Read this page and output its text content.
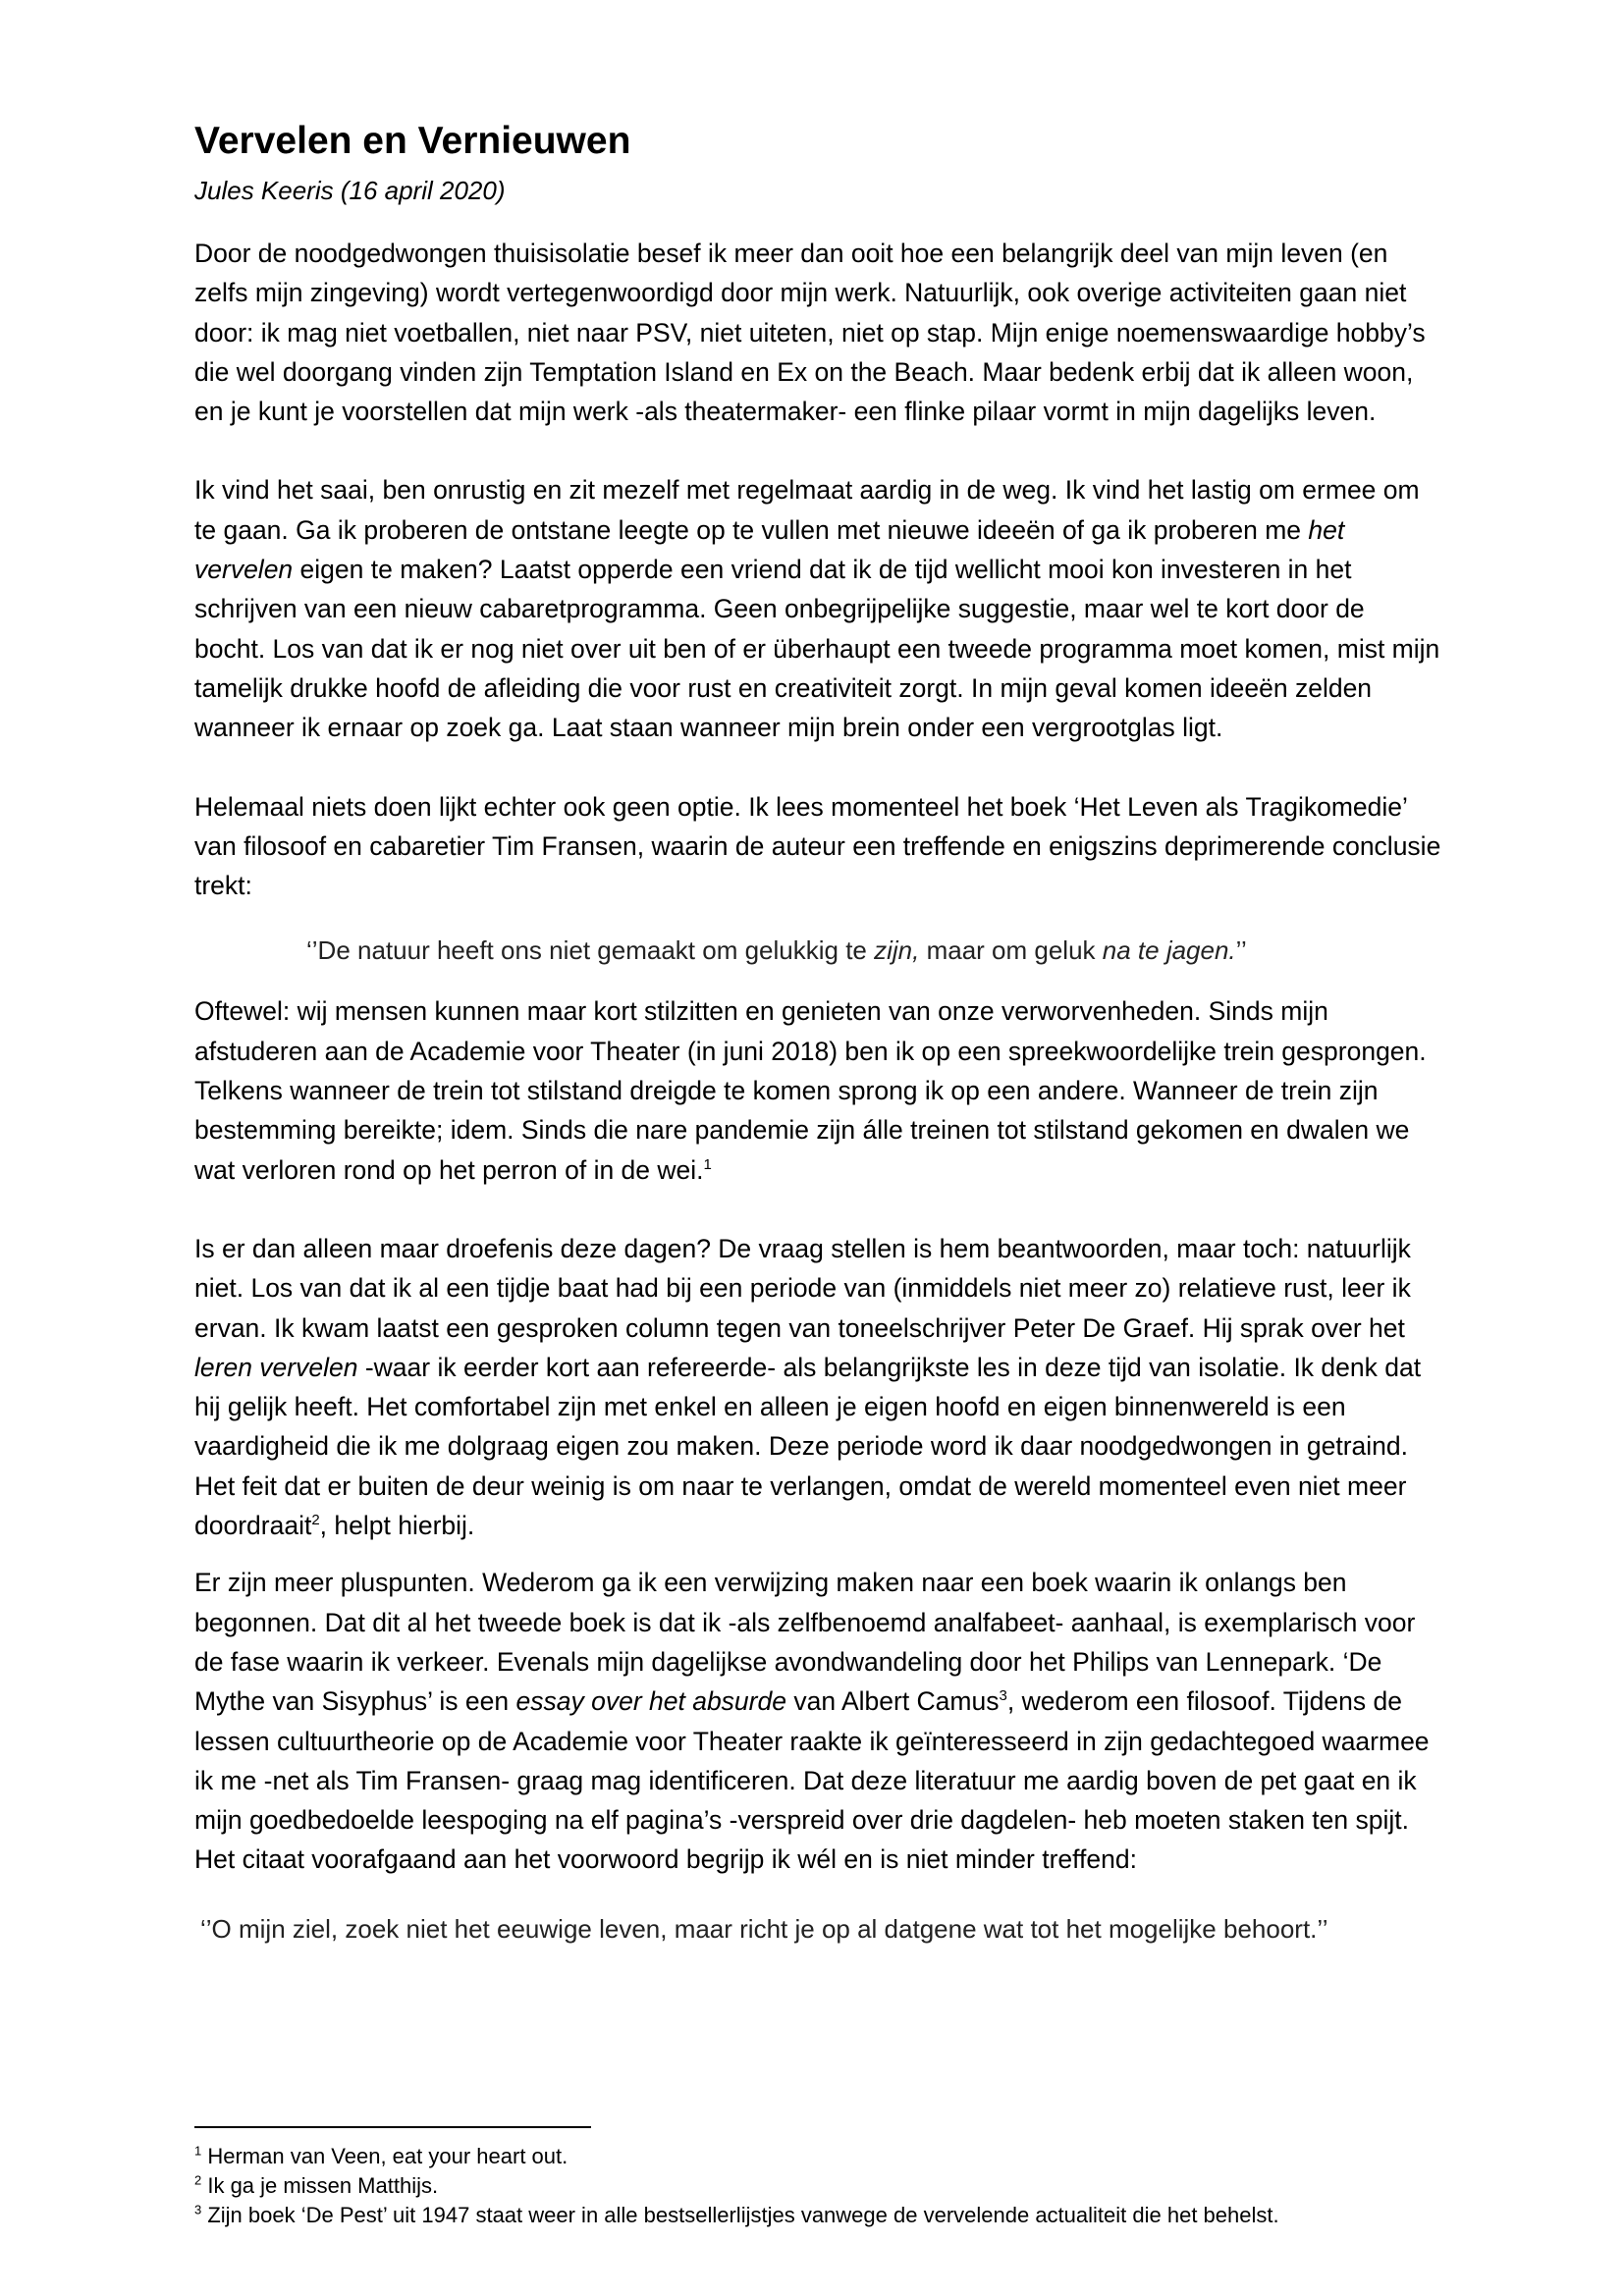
Vervelen en Vernieuwen

Jules Keeris (16 april 2020)

Door de noodgedwongen thuisisolatie besef ik meer dan ooit hoe een belangrijk deel van mijn leven (en zelfs mijn zingeving) wordt vertegenwoordigd door mijn werk. Natuurlijk, ook overige activiteiten gaan niet door: ik mag niet voetballen, niet naar PSV, niet uiteten, niet op stap. Mijn enige noemenswaardige hobby’s die wel doorgang vinden zijn Temptation Island en Ex on the Beach. Maar bedenk erbij dat ik alleen woon, en je kunt je voorstellen dat mijn werk -als theatermaker- een flinke pilaar vormt in mijn dagelijks leven.

Ik vind het saai, ben onrustig en zit mezelf met regelmaat aardig in de weg. Ik vind het lastig om ermee om te gaan. Ga ik proberen de ontstane leegte op te vullen met nieuwe ideeën of ga ik proberen me het vervelen eigen te maken? Laatst opperde een vriend dat ik de tijd wellicht mooi kon investeren in het schrijven van een nieuw cabaretprogramma. Geen onbegrijpelijke suggestie, maar wel te kort door de bocht. Los van dat ik er nog niet over uit ben of er überhaupt een tweede programma moet komen, mist mijn tamelijk drukke hoofd de afleiding die voor rust en creativiteit zorgt. In mijn geval komen ideeën zelden wanneer ik ernaar op zoek ga. Laat staan wanneer mijn brein onder een vergrootglas ligt.

Helemaal niets doen lijkt echter ook geen optie. Ik lees momenteel het boek ‘Het Leven als Tragikomedie’ van filosoof en cabaretier Tim Fransen, waarin de auteur een treffende en enigszins deprimerende conclusie trekt:

‘’De natuur heeft ons niet gemaakt om gelukkig te zijn, maar om geluk na te jagen.’’

Oftewel: wij mensen kunnen maar kort stilzitten en genieten van onze verworvenheden. Sinds mijn afstuderen aan de Academie voor Theater (in juni 2018) ben ik op een spreekwoordelijke trein gesprongen. Telkens wanneer de trein tot stilstand dreigde te komen sprong ik op een andere. Wanneer de trein zijn bestemming bereikte; idem. Sinds die nare pandemie zijn álle treinen tot stilstand gekomen en dwalen we wat verloren rond op het perron of in de wei.$^1$

Is er dan alleen maar droefenis deze dagen? De vraag stellen is hem beantwoorden, maar toch: natuurlijk niet. Los van dat ik al een tijdje baat had bij een periode van (inmiddels niet meer zo) relatieve rust, leer ik ervan. Ik kwam laatst een gesproken column tegen van toneelschrijver Peter De Graef. Hij sprak over het leren vervelen -waar ik eerder kort aan refereerde- als belangrijkste les in deze tijd van isolatie. Ik denk dat hij gelijk heeft. Het comfortabel zijn met enkel en alleen je eigen hoofd en eigen binnenwereld is een vaardigheid die ik me dolgraag eigen zou maken. Deze periode word ik daar noodgedwongen in getraind. Het feit dat er buiten de deur weinig is om naar te verlangen, omdat de wereld momenteel even niet meer doordraait$^2$, helpt hierbij.

Er zijn meer pluspunten. Wederom ga ik een verwijzing maken naar een boek waarin ik onlangs ben begonnen. Dat dit al het tweede boek is dat ik -als zelfbenoemd analfabeet- aanhaal, is exemplarisch voor de fase waarin ik verkeer. Evenals mijn dagelijkse avondwandeling door het Philips van Lennepark. ‘De Mythe van Sisyphus’ is een essay over het absurde van Albert Camus$^3$, wederom een filosoof. Tijdens de lessen cultuurtheorie op de Academie voor Theater raakte ik geïnteresseerd in zijn gedachtegoed waarmee ik me -net als Tim Fransen- graag mag identificeren. Dat deze literatuur me aardig boven de pet gaat en ik mijn goedbedoelde leespoging na elf pagina’s -verspreid over drie dagdelen- heb moeten staken ten spijt. Het citaat voorafgaand aan het voorwoord begrijp ik wél en is niet minder treffend:

‘’O mijn ziel, zoek niet het eeuwige leven, maar richt je op al datgene wat tot het mogelijke behoort.’’

$^1$ Herman van Veen, eat your heart out.

$^2$ Ik ga je missen Matthijs.

$^3$ Zijn boek ‘De Pest’ uit 1947 staat weer in alle bestsellerlijstjes vanwege de vervelende actualiteit die het behelst.
